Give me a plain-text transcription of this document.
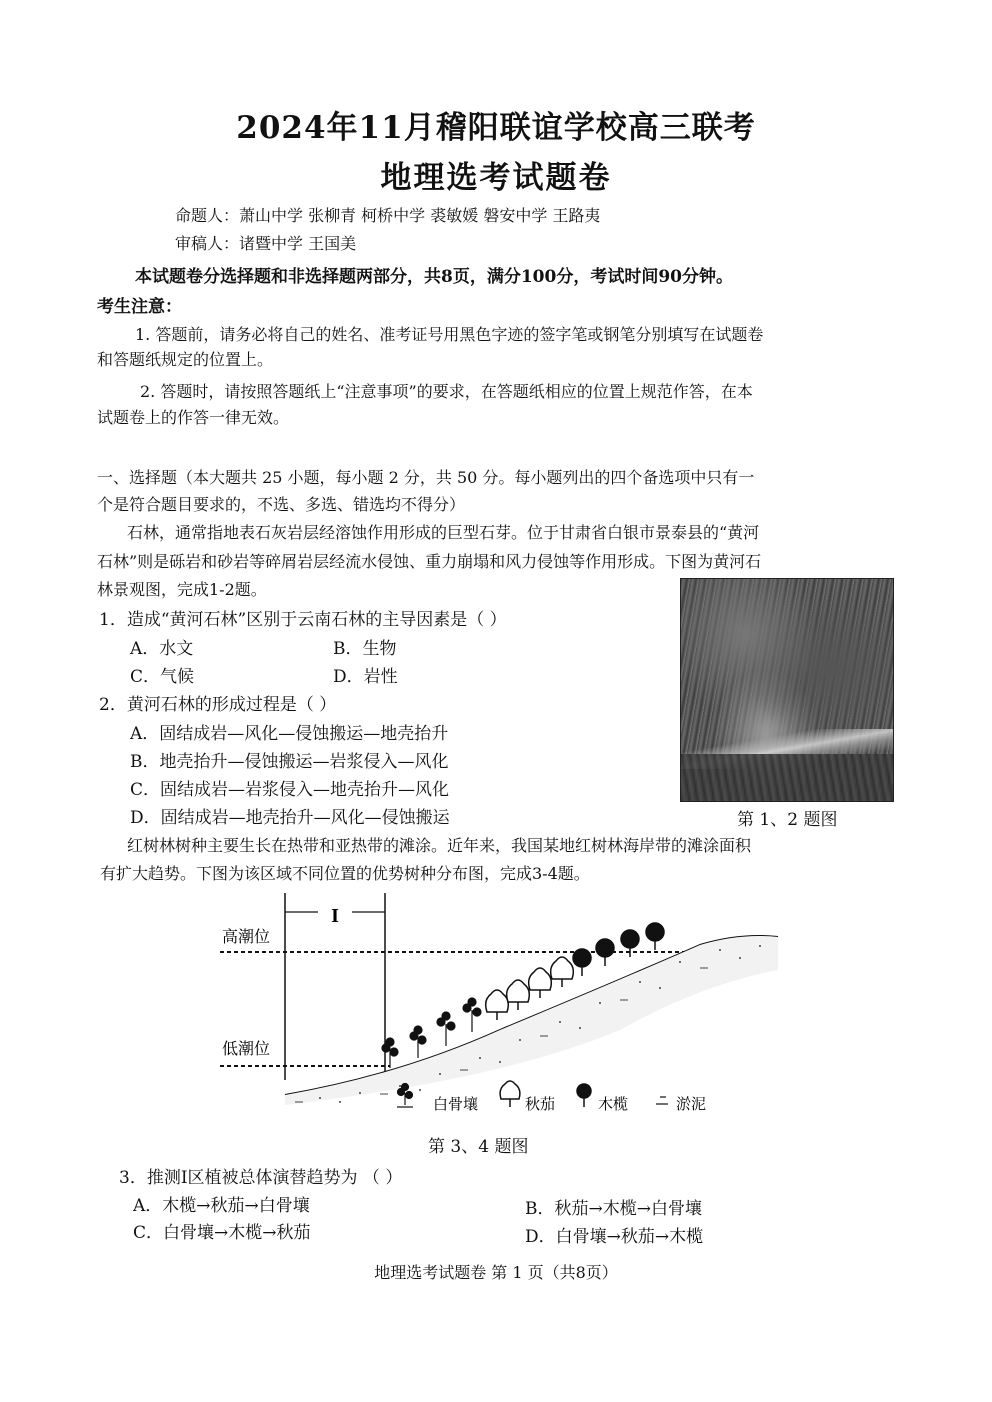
2024年11月稽阳联谊学校高三联考
地理选考试题卷
命题人：萧山中学 张柳青 柯桥中学 裘敏媛 磐安中学 王路夷
审稿人：诸暨中学 王国美
本试题卷分选择题和非选择题两部分，共8页，满分100分，考试时间90分钟。
考生注意：
1. 答题前，请务必将自己的姓名、准考证号用黑色字迹的签字笔或钢笔分别填写在试题卷
和答题纸规定的位置上。
2. 答题时，请按照答题纸上“注意事项”的要求，在答题纸相应的位置上规范作答，在本
试题卷上的作答一律无效。
一、选择题（本大题共 25 小题，每小题 2 分，共 50 分。每小题列出的四个备选项中只有一
个是符合题目要求的，不选、多选、错选均不得分）
石林，通常指地表石灰岩层经溶蚀作用形成的巨型石芽。位于甘肃省白银市景泰县的“黄河
石林”则是砾岩和砂岩等碎屑岩层经流水侵蚀、重力崩塌和风力侵蚀等作用形成。下图为黄河石
林景观图，完成1-2题。
1．造成“黄河石林”区别于云南石林的主导因素是（ ）
A．水文	B．生物
C．气候	D．岩性
2．黄河石林的形成过程是（ ）
A．固结成岩—风化—侵蚀搬运—地壳抬升
B．地壳抬升—侵蚀搬运—岩浆侵入—风化
C．固结成岩—岩浆侵入—地壳抬升—风化
D．固结成岩—地壳抬升—风化—侵蚀搬运	第 1、2 题图
红树林树种主要生长在热带和亚热带的滩涂。近年来，我国某地红树林海岸带的滩涂面积
有扩大趋势。下图为该区域不同位置的优势树种分布图，完成3-4题。
I
高潮位
低潮位
白骨壤	秋茄	木榄	淤泥
第 3、4 题图
3．推测Ⅰ区植被总体演替趋势为 （ ）
A．木榄→秋茄→白骨壤	B．秋茄→木榄→白骨壤
C．白骨壤→木榄→秋茄	D．白骨壤→秋茄→木榄
地理选考试题卷 第 1 页（共8页）
